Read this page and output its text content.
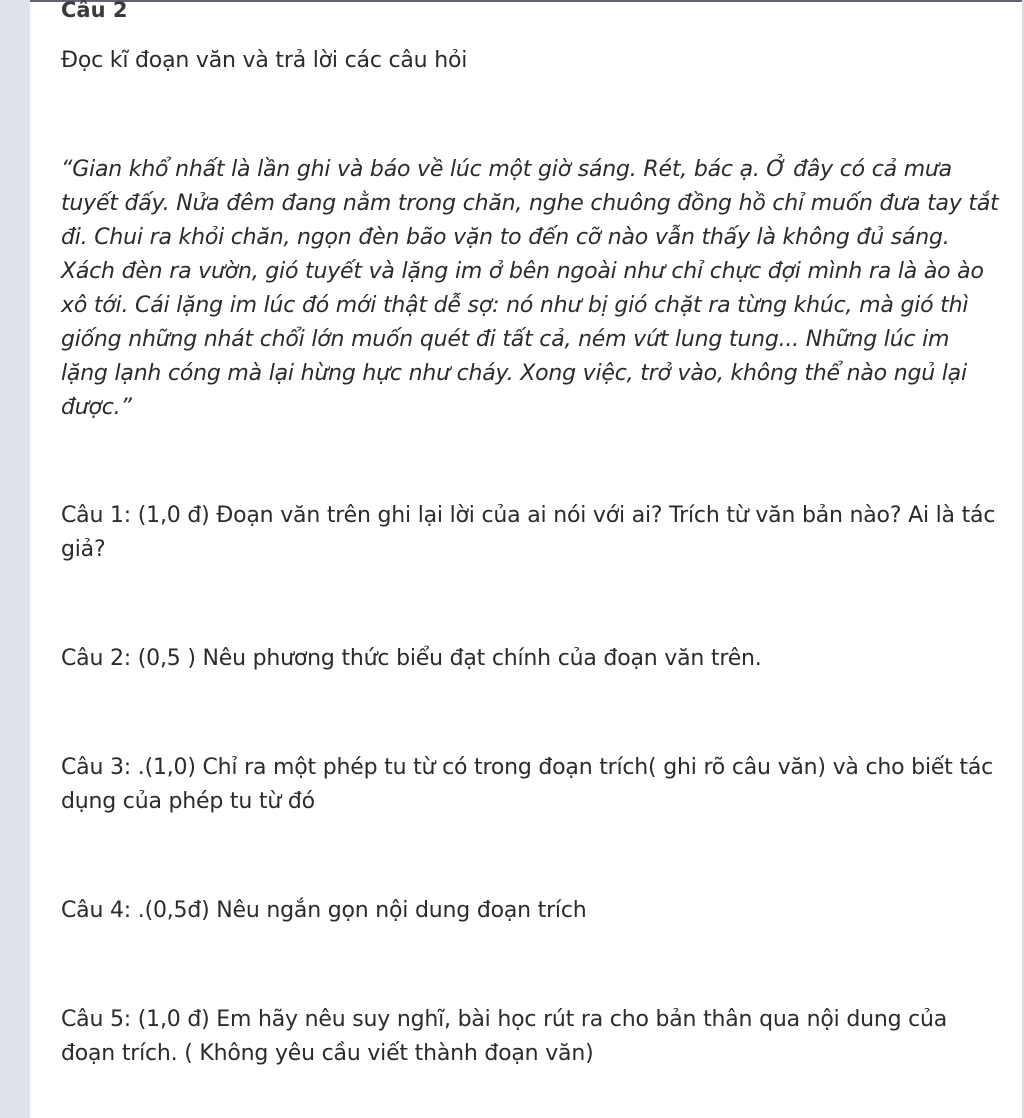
Câu 2

Đọc kĩ đoạn văn và trả lời các câu hỏi

“Gian khổ nhất là lần ghi và báo về lúc một giờ sáng. Rét, bác ạ. Ở đây có cả mưa tuyết đấy. Nửa đêm đang nằm trong chăn, nghe chuông đồng hồ chỉ muốn đưa tay tắt đi. Chui ra khỏi chăn, ngọn đèn bão vặn to đến cỡ nào vẫn thấy là không đủ sáng. Xách đèn ra vườn, gió tuyết và lặng im ở bên ngoài như chỉ chực đợi mình ra là ào ào xô tới. Cái lặng im lúc đó mới thật dễ sợ: nó như bị gió chặt ra từng khúc, mà gió thì giống những nhát chổi lớn muốn quét đi tất cả, ném vứt lung tung... Những lúc im lặng lạnh cóng mà lại hừng hực như cháy. Xong việc, trở vào, không thể nào ngủ lại được.”

Câu 1: (1,0 đ) Đoạn văn trên ghi lại lời của ai nói với ai? Trích từ văn bản nào? Ai là tác giả?

Câu 2: (0,5 ) Nêu phương thức biểu đạt chính của đoạn văn trên.

Câu 3: .(1,0) Chỉ ra một phép tu từ có trong đoạn trích( ghi rõ câu văn) và cho biết tác dụng của phép tu từ đó

Câu 4: .(0,5đ) Nêu ngắn gọn nội dung đoạn trích

Câu 5: (1,0 đ) Em hãy nêu suy nghĩ, bài học rút ra cho bản thân qua nội dung của đoạn trích. ( Không yêu cầu viết thành đoạn văn)
